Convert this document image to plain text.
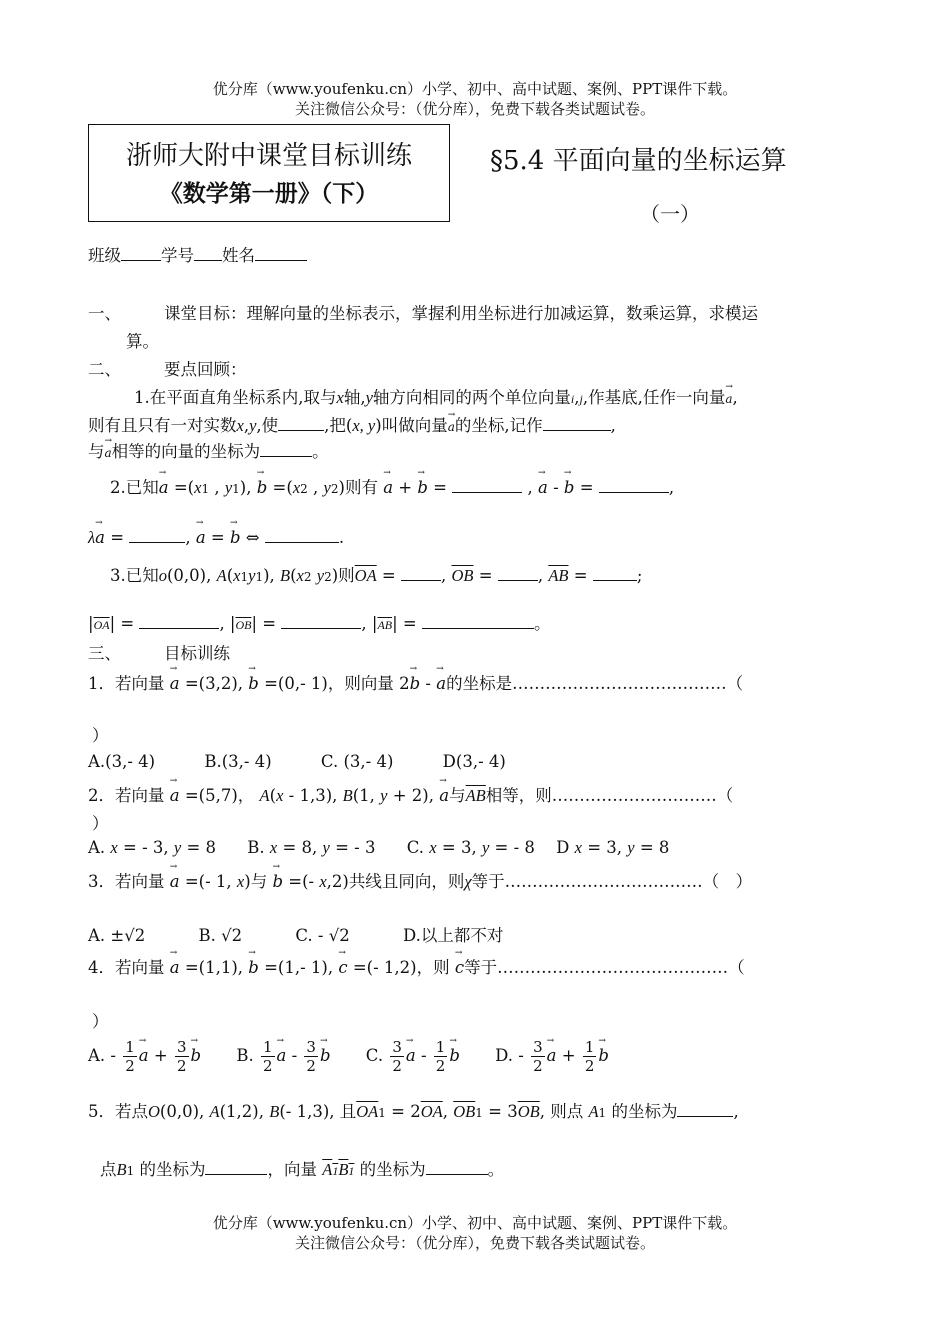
优分库（www.youfenku.cn）小学、初中、高中试题、案例、PPT课件下载。
关注微信公众号：（优分库），免费下载各类试题试卷。
浙师大附中课堂目标训练
《数学第一册》（下）
§5.4 平面向量的坐标运算
（一）
班级 学号 姓名
一、	课堂目标：理解向量的坐标表示，掌握利用坐标进行加减运算，数乘运算，求模运
算。
二、	要点回顾：
1.在平面直角坐标系内,取与x轴,y轴方向相同的两个单位向量i,j,作基底,任作一向量→ a,
则有且只有一对实数x,y,使	,把(x, y)叫做向量→ a的坐标,记作	,
与→ a相等的向量的坐标为	。
2.已知→ a =(x1 , y1), → b =(x2 , y2)则有 → a + → b =	, → a - → b =	,
λ→ a =	, → a = → b ⇔	.
3.已知o(0,0), A(x1y1), B(x2 y2)则$\overline{OA}$ = , $\overline{OB}$ = , $\overline{AB}$ =	;
$|\overline{OA}|$ =	, $|\overline{OB}|$ =	, $|\overline{AB}|$ =	。
三、	目标训练
1．若向量 → a =(3,2), → b =(0,- 1)，则向量 2→ b - → a的坐标是…………………………………（
）
A.(3,- 4)	B.(3,- 4)	C. (3,- 4)	D(3,- 4)
2．若向量 → a =(5,7)， A(x - 1,3), B(1, y + 2), → a与$\overline{AB}$相等，则…………………………（
）
A. x = - 3, y = 8 B. x = 8, y = - 3 C. x = 3, y = - 8 D x = 3, y = 8
3．若向量 → a =(- 1, x)与 → b =(- x,2)共线且同向，则χ等于………………………………（　）
A. ±√2	B. √2	C. - √2	D.以上都不对
4．若向量 → a =(1,1), → b =(1,- 1), → c =(- 1,2)，则 → c等于……………………………………（
）
A. - $\frac{1}{2} \to a + \frac{3}{2} \to b$ B. $\frac{1}{2} \to a - \frac{3}{2} \to b$ C. $\frac{3}{2} \to a - \frac{1}{2} \to b$ D. - $\frac{3}{2} \to a + \frac{1}{2} \to b$
5．若点O(0,0), A(1,2), B(- 1,3), 且$\overline{OA}1 = 2\overline{OA}$, $\overline{OB}1 = 3\overline{OB}$, 则点 A1 的坐标为	,
点B1 的坐标为	，向量 A1B1 的坐标为	。
优分库（www.youfenku.cn）小学、初中、高中试题、案例、PPT课件下载。
关注微信公众号：（优分库），免费下载各类试题试卷。
